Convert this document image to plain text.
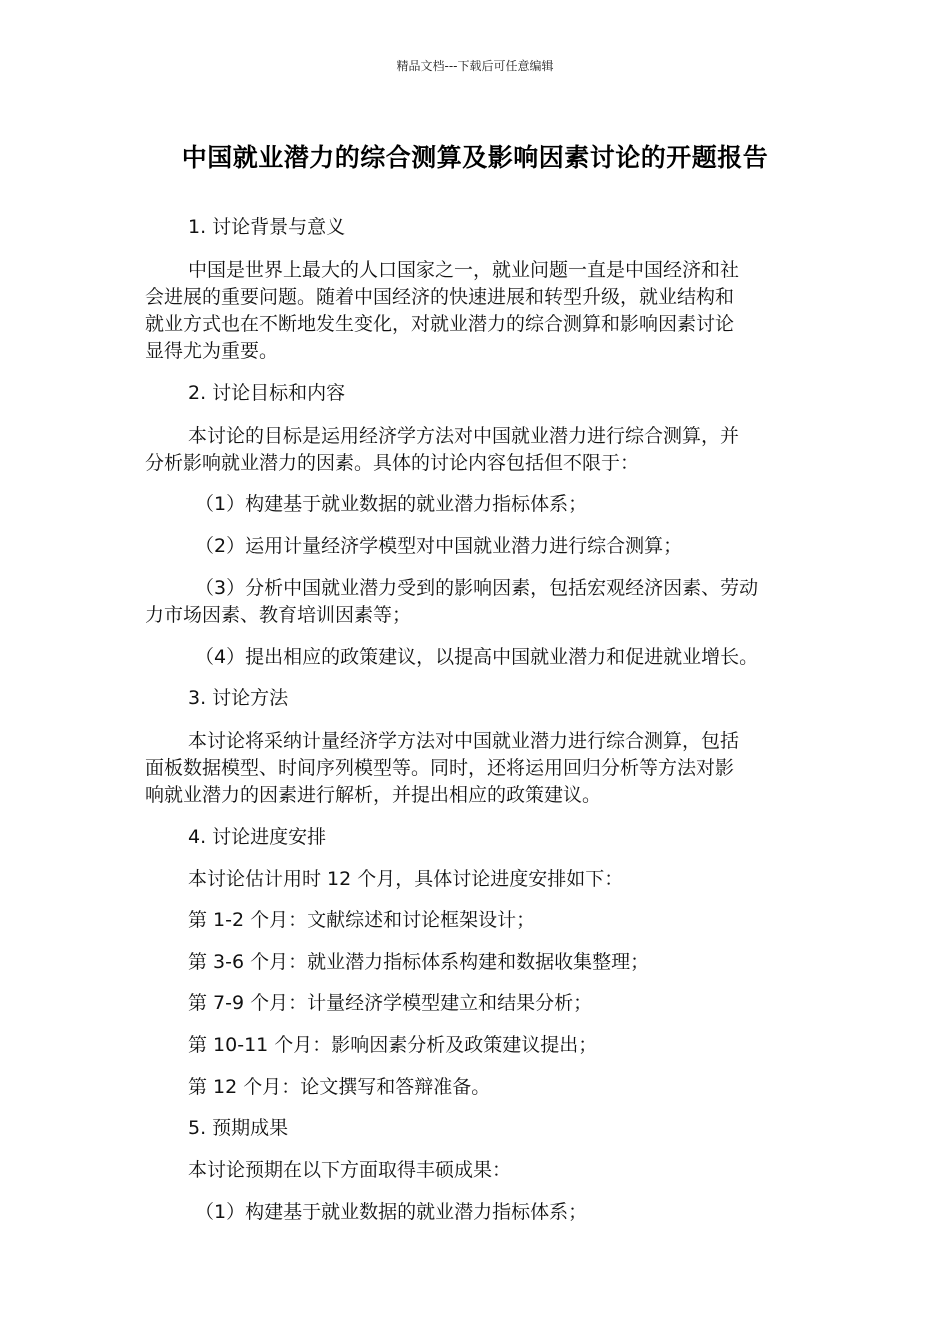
精品文档---下载后可任意编辑
中国就业潜力的综合测算及影响因素讨论的开题报告

1. 讨论背景与意义

中国是世界上最大的人口国家之一，就业问题一直是中国经济和社

会进展的重要问题。随着中国经济的快速进展和转型升级，就业结构和

就业方式也在不断地发生变化，对就业潜力的综合测算和影响因素讨论

显得尤为重要。

2. 讨论目标和内容

本讨论的目标是运用经济学方法对中国就业潜力进行综合测算，并

分析影响就业潜力的因素。具体的讨论内容包括但不限于：

（1）构建基于就业数据的就业潜力指标体系；

（2）运用计量经济学模型对中国就业潜力进行综合测算；

（3）分析中国就业潜力受到的影响因素，包括宏观经济因素、劳动

力市场因素、教育培训因素等；

（4）提出相应的政策建议，以提高中国就业潜力和促进就业增长。

3. 讨论方法

本讨论将采纳计量经济学方法对中国就业潜力进行综合测算，包括

面板数据模型、时间序列模型等。同时，还将运用回归分析等方法对影

响就业潜力的因素进行解析，并提出相应的政策建议。

4. 讨论进度安排

本讨论估计用时 12 个月，具体讨论进度安排如下：

第 1-2 个月：文献综述和讨论框架设计；

第 3-6 个月：就业潜力指标体系构建和数据收集整理；

第 7-9 个月：计量经济学模型建立和结果分析；

第 10-11 个月：影响因素分析及政策建议提出；

第 12 个月：论文撰写和答辩准备。

5. 预期成果

本讨论预期在以下方面取得丰硕成果：

（1）构建基于就业数据的就业潜力指标体系；
